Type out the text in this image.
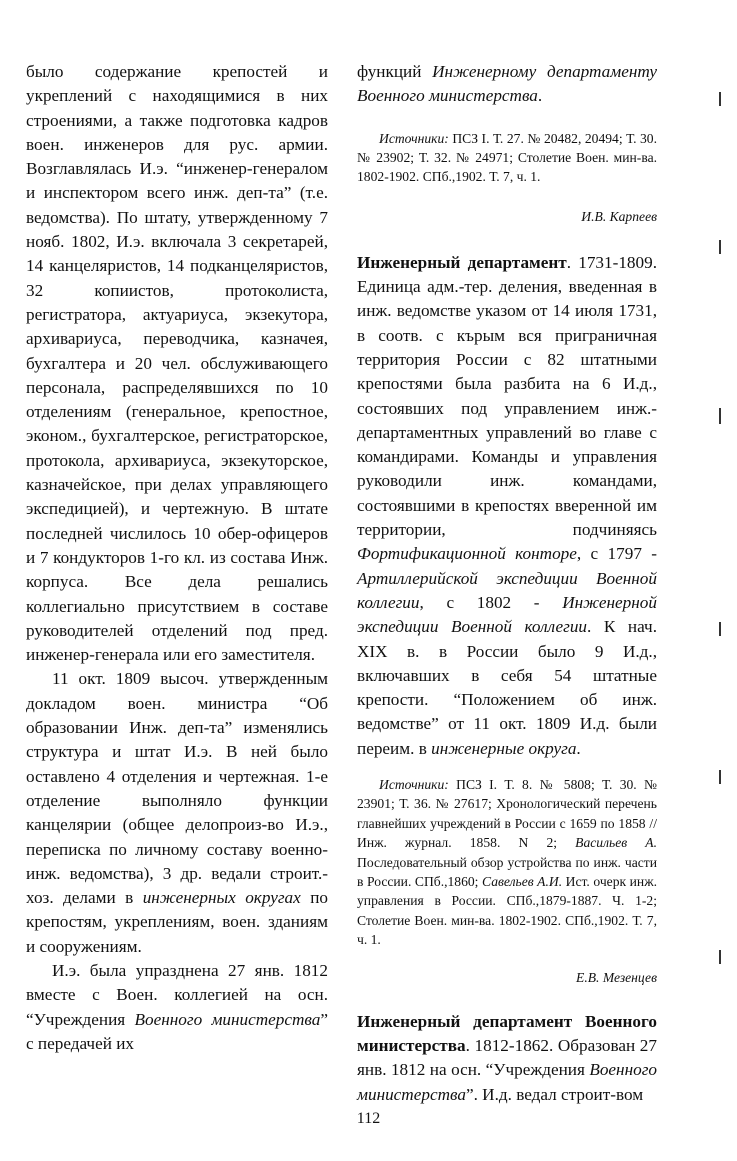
было содержание крепостей и укреплений с находящимися в них строениями, а также подготовка кадров воен. инженеров для рус. армии. Возглавлялась И.э. “инженер-генералом и инспектором всего инж. деп-та” (т.е. ведомства). По штату, утвержденному 7 нояб. 1802, И.э. включала 3 секретарей, 14 канцеляристов, 14 подканцеляристов, 32 копиистов, протоколиста, регистратора, актуариуса, экзекутора, архивариуса, переводчика, казначея, бухгалтера и 20 чел. обслуживающего персонала, распределявшихся по 10 отделениям (генеральное, крепостное, эконом., бухгалтерское, регистраторское, протокола, архивариуса, экзекуторское, казначейское, при делах управляющего экспедицией), и чертежную. В штате последней числилось 10 обер-офицеров и 7 кондукторов 1-го кл. из состава Инж. корпуса. Все дела решались коллегиально присутствием в составе руководителей отделений под пред. инженер-генерала или его заместителя.

11 окт. 1809 высоч. утвержденным докладом воен. министра “Об образовании Инж. деп-та” изменялись структура и штат И.э. В ней было оставлено 4 отделения и чертежная. 1-е отделение выполняло функции канцелярии (общее делопроиз-во И.э., переписка по личному составу военно-инж. ведомства), 3 др. ведали строит.-хоз. делами в инженерных округах по крепостям, укреплениям, воен. зданиям и сооружениям.

И.э. была упразднена 27 янв. 1812 вместе с Воен. коллегией на осн. “Учреждения Военного министерства” с передачей их

функций Инженерному департаменту Военного министерства.

Источники: ПСЗ I. Т. 27. № 20482, 20494; Т. 30. № 23902; Т. 32. № 24971; Столетие Воен. мин-ва. 1802-1902. СПб.,1902. Т. 7, ч. 1.

И.В. Карпеев

Инженерный департамент. 1731-1809. Единица адм.-тер. деления, введенная в инж. ведомстве указом от 14 июля 1731, в соотв. с кърым вся приграничная территория России с 82 штатными крепостями была разбита на 6 И.д., состоявших под управлением инж.-департаментных управлений во главе с командирами. Команды и управления руководили инж. командами, состоявшими в крепостях вверенной им территории, подчиняясь Фортификационной конторе, с 1797 - Артиллерийской экспедиции Военной коллегии, с 1802 - Инженерной экспедиции Военной коллегии. К нач. XIX в. в России было 9 И.д., включавших в себя 54 штатные крепости. “Положением об инж. ведомстве” от 11 окт. 1809 И.д. были переим. в инженерные округа.

Источники: ПСЗ I. Т. 8. № 5808; Т. 30. № 23901; Т. 36. № 27617; Хронологический перечень главнейших учреждений в России с 1659 по 1858 // Инж. журнал. 1858. N 2; Васильев А. Последовательный обзор устройства по инж. части в России. СПб.,1860; Савельев А.И. Ист. очерк инж. управления в России. СПб.,1879-1887. Ч. 1-2; Столетие Воен. мин-ва. 1802-1902. СПб.,1902. Т. 7, ч. 1.

Е.В. Мезенцев

Инженерный департамент Военного министерства. 1812-1862. Образован 27 янв. 1812 на осн. “Учреждения Военного министерства”. И.д. ведал строит-вом

112
